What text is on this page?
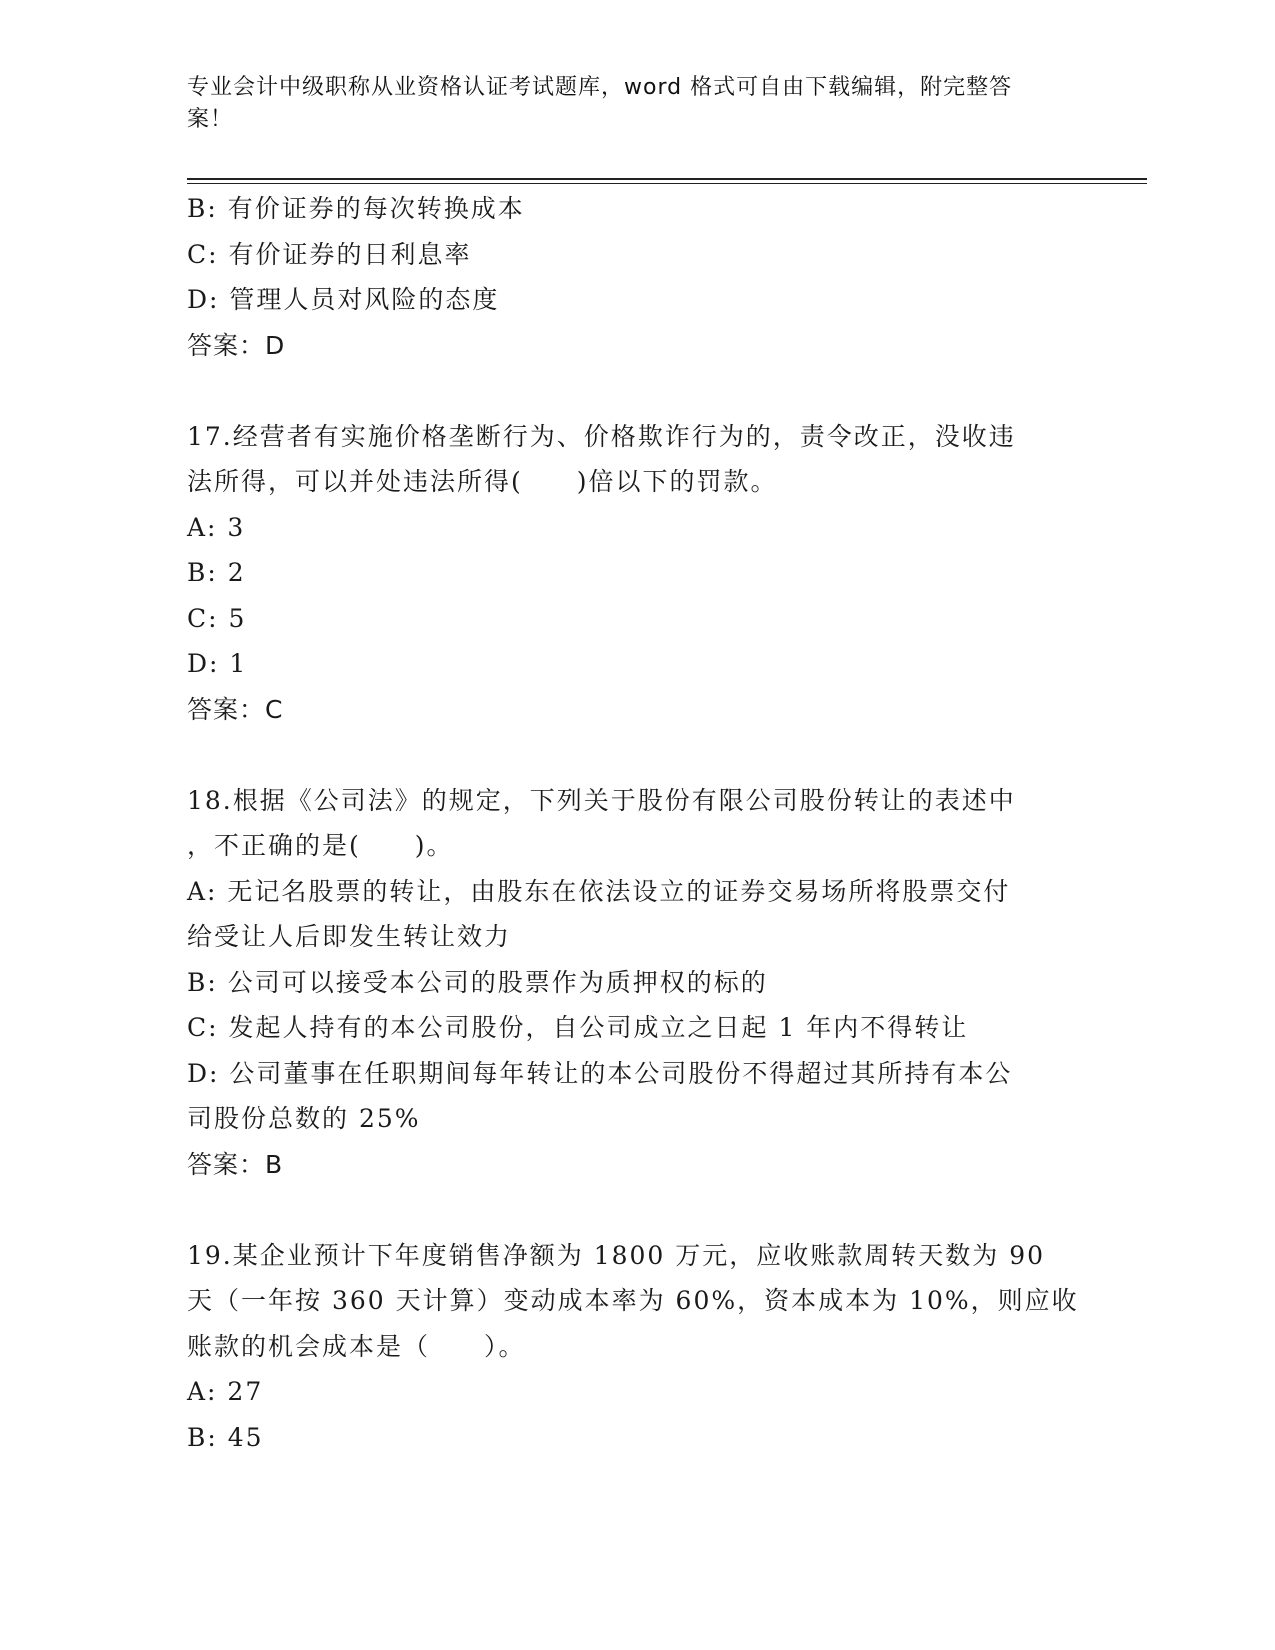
专业会计中级职称从业资格认证考试题库，word 格式可自由下载编辑，附完整答
案！
B: 有价证券的每次转换成本
C: 有价证券的日利息率
D: 管理人员对风险的态度
答案：D
17.经营者有实施价格垄断行为、价格欺诈行为的，责令改正，没收违
法所得，可以并处违法所得(　　)倍以下的罚款。
A: 3
B: 2
C: 5
D: 1
答案：C
18.根据《公司法》的规定，下列关于股份有限公司股份转让的表述中
，不正确的是(　　)。
A: 无记名股票的转让，由股东在依法设立的证券交易场所将股票交付
给受让人后即发生转让效力
B: 公司可以接受本公司的股票作为质押权的标的
C: 发起人持有的本公司股份，自公司成立之日起 1 年内不得转让
D: 公司董事在任职期间每年转让的本公司股份不得超过其所持有本公
司股份总数的 25%
答案：B
19.某企业预计下年度销售净额为 1800 万元，应收账款周转天数为 90
天（一年按 360 天计算）变动成本率为 60%，资本成本为 10%，则应收
账款的机会成本是（　　）。
A: 27
B: 45
